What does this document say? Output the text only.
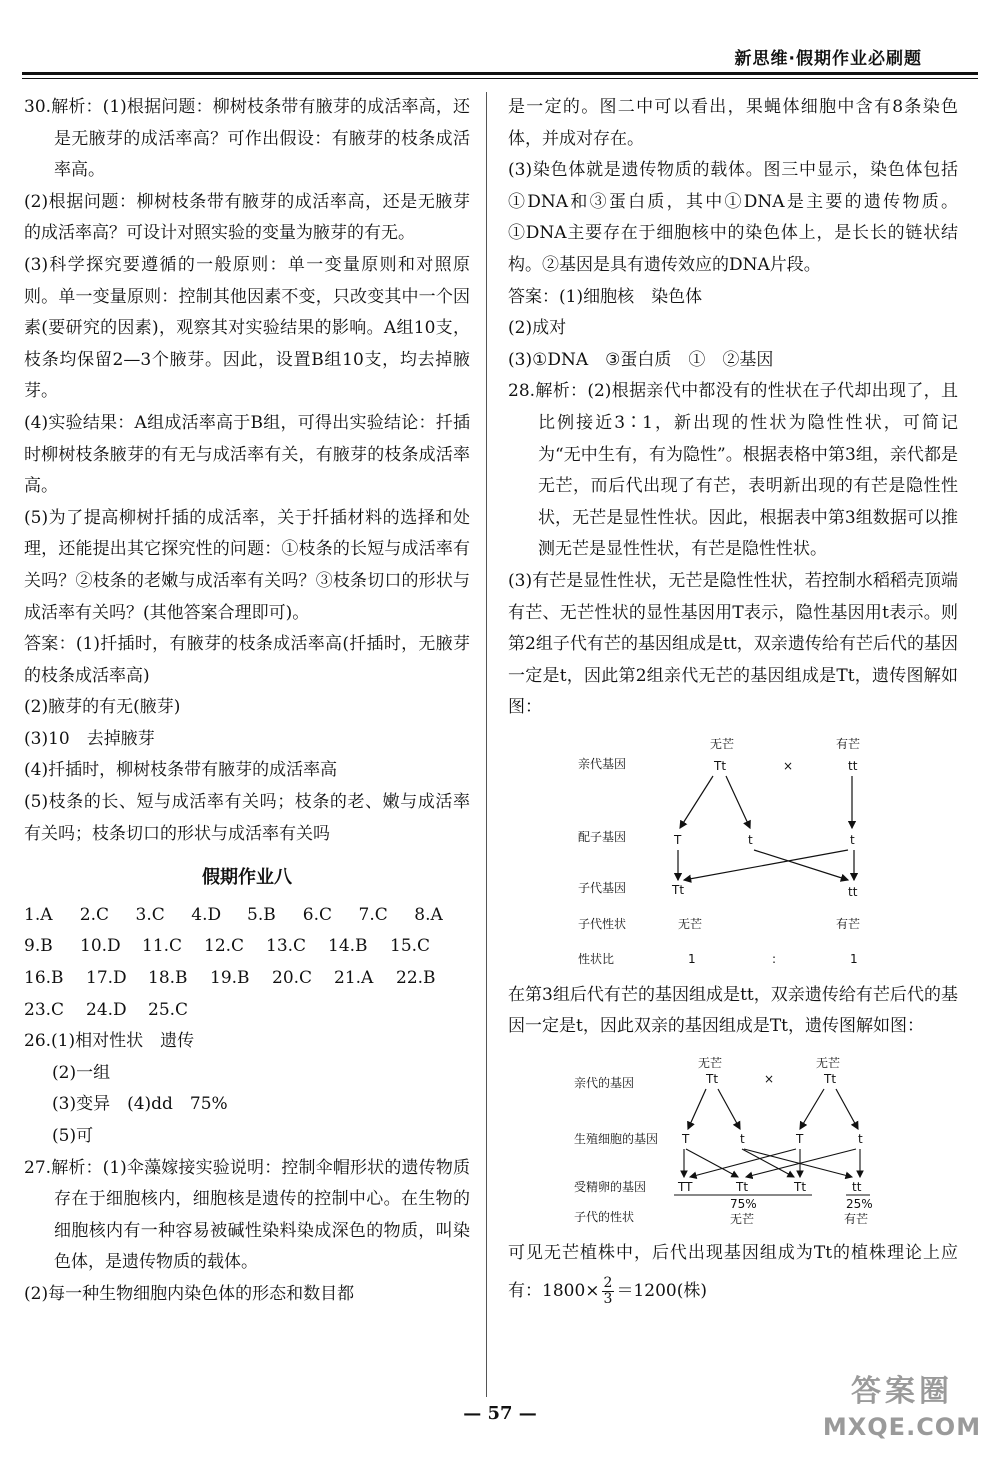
新思维·假期作业必刷题

30.解析：(1)根据问题：柳树枝条带有腋芽的成活率高，还是无腋芽的成活率高？可作出假设：有腋芽的枝条成活率高。

(2)根据问题：柳树枝条带有腋芽的成活率高，还是无腋芽的成活率高？可设计对照实验的变量为腋芽的有无。

(3)科学探究要遵循的一般原则：单一变量原则和对照原则。单一变量原则：控制其他因素不变，只改变其中一个因素(要研究的因素)，观察其对实验结果的影响。A组10支，枝条均保留2—3个腋芽。因此，设置B组10支，均去掉腋芽。

(4)实验结果：A组成活率高于B组，可得出实验结论：扦插时柳树枝条腋芽的有无与成活率有关，有腋芽的枝条成活率高。

(5)为了提高柳树扦插的成活率，关于扦插材料的选择和处理，还能提出其它探究性的问题：①枝条的长短与成活率有关吗？②枝条的老嫩与成活率有关吗？③枝条切口的形状与成活率有关吗？(其他答案合理即可)。

答案：(1)扦插时，有腋芽的枝条成活率高(扦插时，无腋芽的枝条成活率高)

(2)腋芽的有无(腋芽)

(3)10　去掉腋芽

(4)扦插时，柳树枝条带有腋芽的成活率高

(5)枝条的长、短与成活率有关吗；枝条的老、嫩与成活率有关吗；枝条切口的形状与成活率有关吗

假期作业八
1.A	2.C	3.C	4.D	5.B	6.C	7.C	8.A
9.B	10.D	11.C	12.C	13.C	14.B	15.C
16.B	17.D	18.B	19.B	20.C	21.A	22.B
23.C	24.D	25.C

26.(1)相对性状　遗传

(2)一组

(3)变异　(4)dd　75%

(5)可

27.解析：(1)伞藻嫁接实验说明：控制伞帽形状的遗传物质存在于细胞核内，细胞核是遗传的控制中心。在生物的细胞核内有一种容易被碱性染料染成深色的物质，叫染色体，是遗传物质的载体。

(2)每一种生物细胞内染色体的形态和数目都

是一定的。图二中可以看出，果蝇体细胞中含有8条染色体，并成对存在。

(3)染色体就是遗传物质的载体。图三中显示，染色体包括①DNA和③蛋白质，其中①DNA是主要的遗传物质。①DNA主要存在于细胞核中的染色体上，是长长的链状结构。②基因是具有遗传效应的DNA片段。

答案：(1)细胞核　染色体

(2)成对

(3)①DNA　③蛋白质　①　②基因

28.解析：(2)根据亲代中都没有的性状在子代却出现了，且比例接近3∶1，新出现的性状为隐性性状，可简记为“无中生有，有为隐性”。根据表格中第3组，亲代都是无芒，而后代出现了有芒，表明新出现的有芒是隐性性状，无芒是显性性状。因此，根据表中第3组数据可以推测无芒是显性性状，有芒是隐性性状。

(3)有芒是显性性状，无芒是隐性性状，若控制水稻稻壳顶端有芒、无芒性状的显性基因用T表示，隐性基因用t表示。则第2组子代有芒的基因组成是tt，双亲遗传给有芒后代的基因一定是t，因此第2组亲代无芒的基因组成是Tt，遗传图解如图：

亲代基因
配子基因
子代基因
子代性状
性状比
无芒	有芒
Tt	×	tt
T	t	t
Tt	tt
无芒	有芒
1	:	1

在第3组后代有芒的基因组成是tt，双亲遗传给有芒后代的基因一定是t，因此双亲的基因组成是Tt，遗传图解如图：

亲代的基因
生殖细胞的基因
受精卵的基因
子代的性状
无芒	无芒
Tt	×	Tt
T	t	T	t
TT	Tt	Tt	tt
75%	25%
无芒	有芒

可见无芒植株中，后代出现基因组成为Tt的植株理论上应有：$1800\times \frac{2}{3} =1200$(株)

— 57 —
答案圈
MXQE.COM
